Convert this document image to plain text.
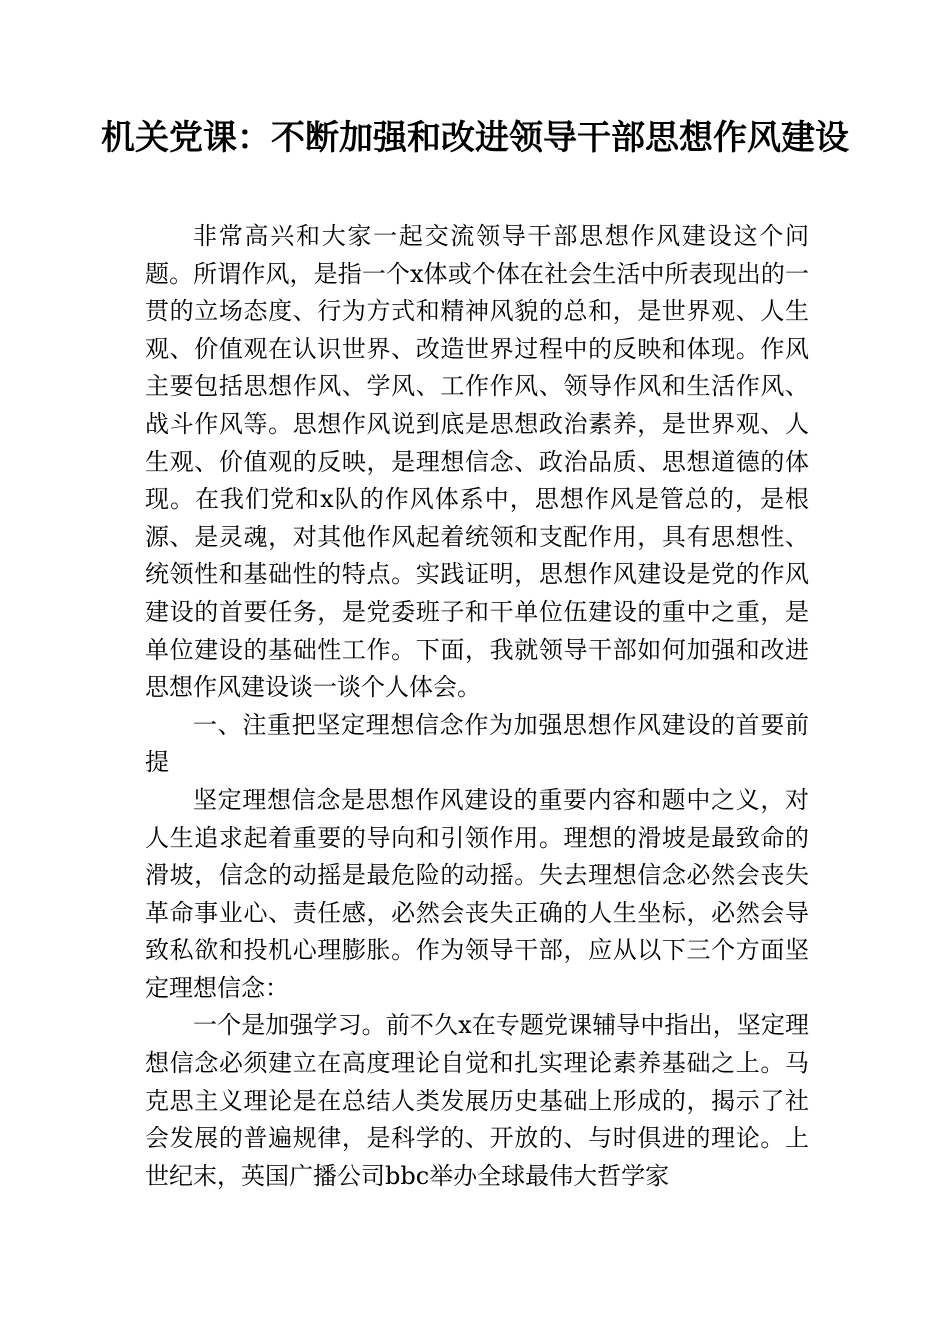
机关党课：不断加强和改进领导干部思想作风建设

非常高兴和大家一起交流领导干部思想作风建设这个问题。所谓作风，是指一个x体或个体在社会生活中所表现出的一贯的立场态度、行为方式和精神风貌的总和，是世界观、人生观、价值观在认识世界、改造世界过程中的反映和体现。作风主要包括思想作风、学风、工作作风、领导作风和生活作风、战斗作风等。思想作风说到底是思想政治素养，是世界观、人生观、价值观的反映，是理想信念、政治品质、思想道德的体现。在我们党和x队的作风体系中，思想作风是管总的，是根源、是灵魂，对其他作风起着统领和支配作用，具有思想性、统领性和基础性的特点。实践证明，思想作风建设是党的作风建设的首要任务，是党委班子和干单位伍建设的重中之重，是单位建设的基础性工作。下面，我就领导干部如何加强和改进思想作风建设谈一谈个人体会。

一、注重把坚定理想信念作为加强思想作风建设的首要前提

坚定理想信念是思想作风建设的重要内容和题中之义，对人生追求起着重要的导向和引领作用。理想的滑坡是最致命的滑坡，信念的动摇是最危险的动摇。失去理想信念必然会丧失革命事业心、责任感，必然会丧失正确的人生坐标，必然会导致私欲和投机心理膨胀。作为领导干部，应从以下三个方面坚定理想信念：

一个是加强学习。前不久x在专题党课辅导中指出，坚定理想信念必须建立在高度理论自觉和扎实理论素养基础之上。马克思主义理论是在总结人类发展历史基础上形成的，揭示了社会发展的普遍规律，是科学的、开放的、与时俱进的理论。上世纪末，英国广播公司bbc举办全球最伟大哲学家
